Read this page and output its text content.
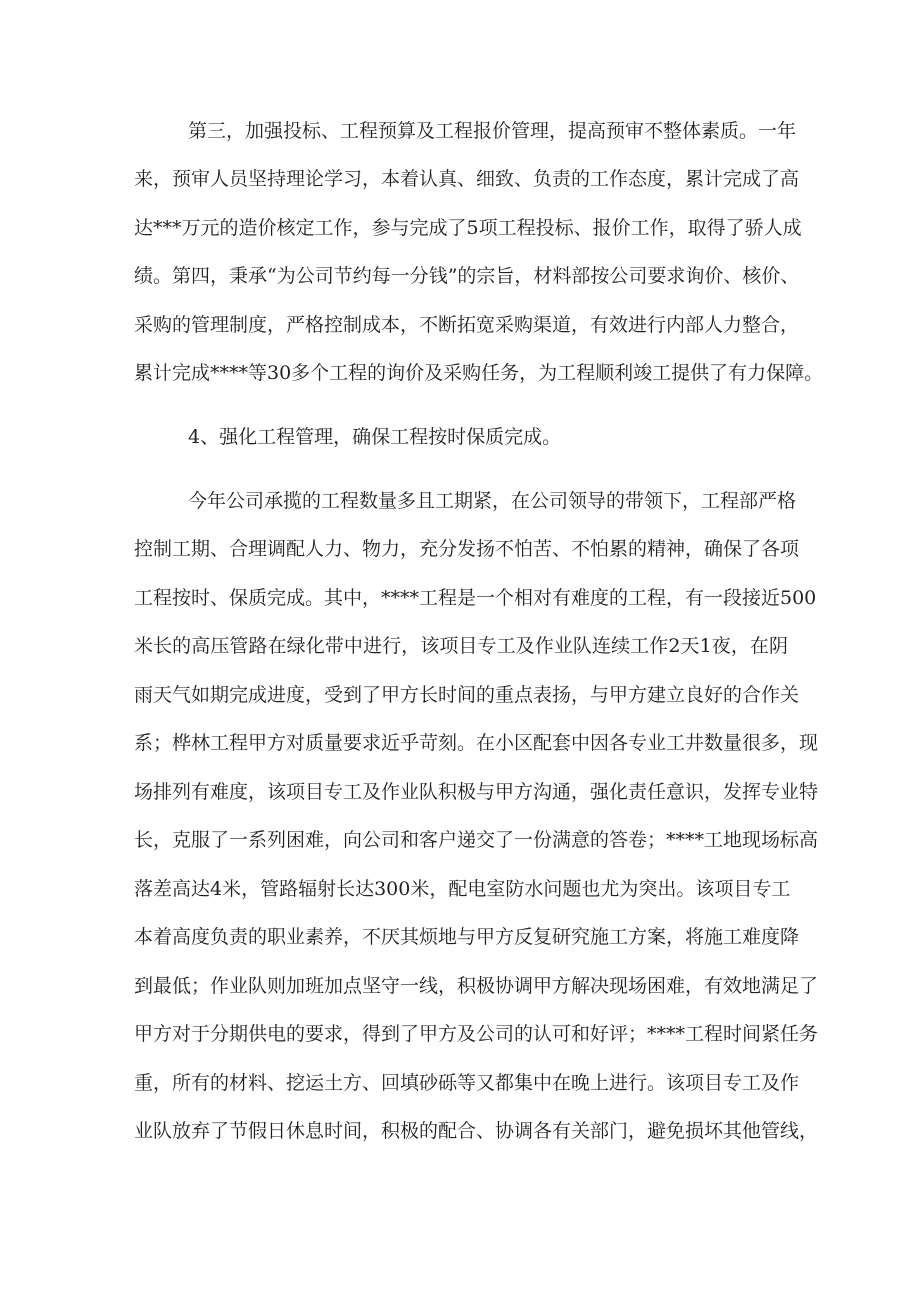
第三，加强投标、工程预算及工程报价管理，提高预审不整体素质。一年
来，预审人员坚持理论学习，本着认真、细致、负责的工作态度，累计完成了高
达***万元的造价核定工作，参与完成了5项工程投标、报价工作，取得了骄人成
绩。第四，秉承“为公司节约每一分钱”的宗旨，材料部按公司要求询价、核价、
采购的管理制度，严格控制成本，不断拓宽采购渠道，有效进行内部人力整合，
累计完成****等30多个工程的询价及采购任务，为工程顺利竣工提供了有力保障。
4、强化工程管理，确保工程按时保质完成。
今年公司承揽的工程数量多且工期紧，在公司领导的带领下，工程部严格
控制工期、合理调配人力、物力，充分发扬不怕苦、不怕累的精神，确保了各项
工程按时、保质完成。其中，****工程是一个相对有难度的工程，有一段接近500
米长的高压管路在绿化带中进行，该项目专工及作业队连续工作2天1夜，在阴
雨天气如期完成进度，受到了甲方长时间的重点表扬，与甲方建立良好的合作关
系；桦林工程甲方对质量要求近乎苛刻。在小区配套中因各专业工井数量很多，现
场排列有难度，该项目专工及作业队积极与甲方沟通，强化责任意识，发挥专业特
长，克服了一系列困难，向公司和客户递交了一份满意的答卷；****工地现场标高
落差高达4米，管路辐射长达300米，配电室防水问题也尤为突出。该项目专工
本着高度负责的职业素养，不厌其烦地与甲方反复研究施工方案，将施工难度降
到最低；作业队则加班加点坚守一线，积极协调甲方解决现场困难，有效地满足了
甲方对于分期供电的要求，得到了甲方及公司的认可和好评；****工程时间紧任务
重，所有的材料、挖运土方、回填砂砾等又都集中在晚上进行。该项目专工及作
业队放弃了节假日休息时间，积极的配合、协调各有关部门，避免损坏其他管线，
